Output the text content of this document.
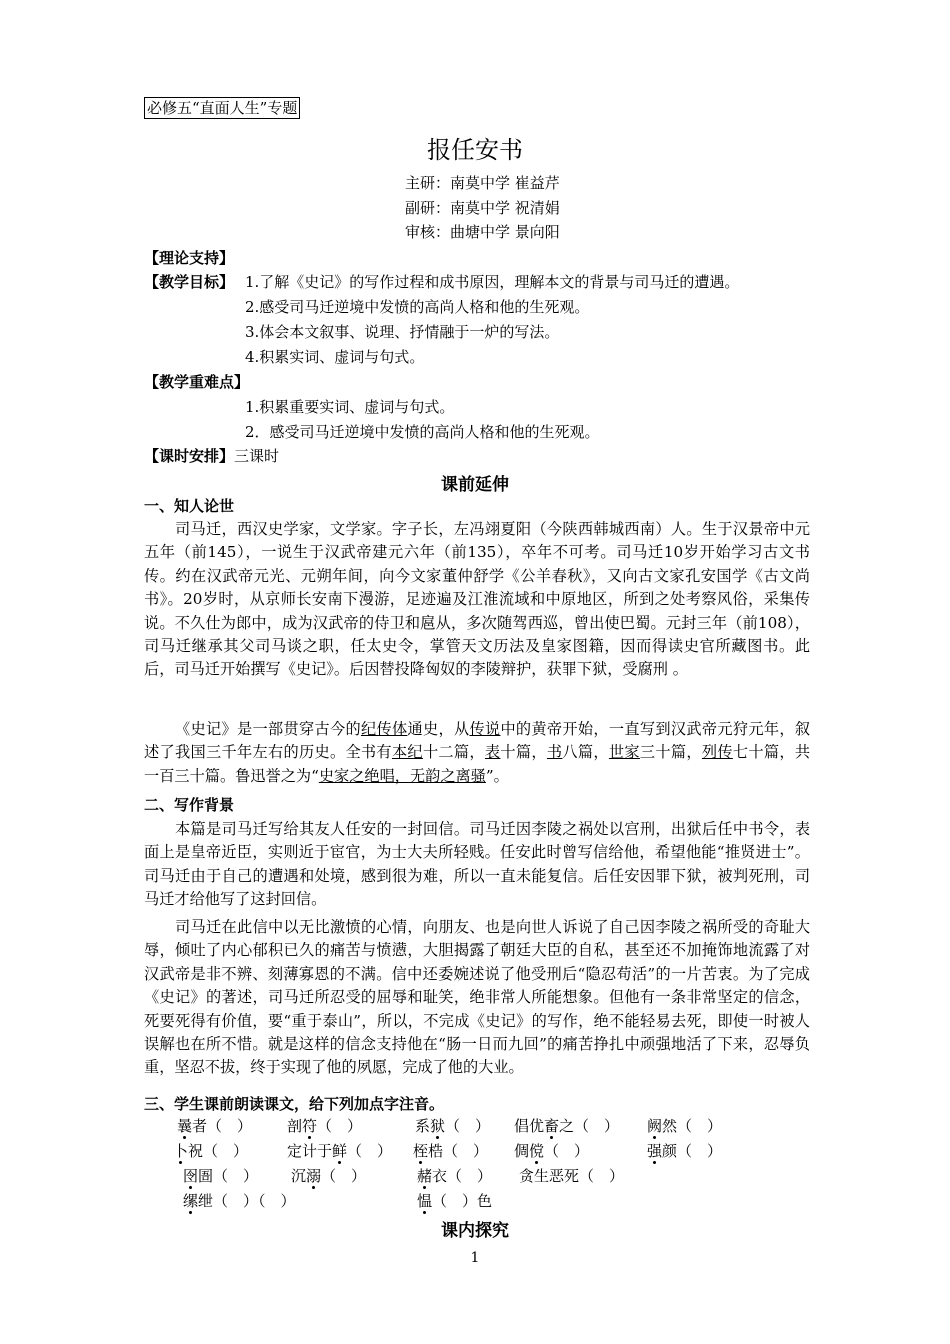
必修五“直面人生”专题
报任安书
主研：南莫中学 崔益芹
副研：南莫中学 祝清娟
审核：曲塘中学 景向阳
【理论支持】
【教学目标】 1.了解《史记》的写作过程和成书原因，理解本文的背景与司马迁的遭遇。
2.感受司马迁逆境中发愤的高尚人格和他的生死观。
3.体会本文叙事、说理、抒情融于一炉的写法。
4.积累实词、虚词与句式。
【教学重难点】
1.积累重要实词、虚词与句式。
2．感受司马迁逆境中发愤的高尚人格和他的生死观。
【课时安排】三课时
课前延伸
一、知人论世
司马迁，西汉史学家，文学家。字子长，左冯翊夏阳（今陕西韩城西南）人。生于汉景帝中元五年（前145），一说生于汉武帝建元六年（前135），卒年不可考。司马迁10岁开始学习古文书传。约在汉武帝元光、元朔年间，向今文家董仲舒学《公羊春秋》，又向古文家孔安国学《古文尚书》。20岁时，从京师长安南下漫游，足迹遍及江淮流域和中原地区，所到之处考察风俗，采集传说。不久仕为郎中，成为汉武帝的侍卫和扈从，多次随驾西巡，曾出使巴蜀。元封三年（前108），司马迁继承其父司马谈之职，任太史令，掌管天文历法及皇家图籍，因而得读史官所藏图书。此后，司马迁开始撰写《史记》。后因替投降匈奴的李陵辩护，获罪下狱，受腐刑 。
《史记》是一部贯穿古今的纪传体通史，从传说中的黄帝开始，一直写到汉武帝元狩元年，叙述了我国三千年左右的历史。全书有本纪十二篇，表十篇，书八篇，世家三十篇，列传七十篇，共一百三十篇。鲁迅誉之为“史家之绝唱，无韵之离骚”。
二、写作背景
本篇是司马迁写给其友人任安的一封回信。司马迁因李陵之祸处以宫刑，出狱后任中书令，表面上是皇帝近臣，实则近于宦官，为士大夫所轻贱。任安此时曾写信给他，希望他能“推贤进士”。司马迁由于自己的遭遇和处境，感到很为难，所以一直未能复信。后任安因罪下狱，被判死刑，司马迁才给他写了这封回信。
司马迁在此信中以无比激愤的心情，向朋友、也是向世人诉说了自己因李陵之祸所受的奇耻大辱，倾吐了内心郁积已久的痛苦与愤懑，大胆揭露了朝廷大臣的自私，甚至还不加掩饰地流露了对汉武帝是非不辨、刻薄寡恩的不满。信中还委婉述说了他受刑后“隐忍苟活”的一片苦衷。为了完成《史记》的著述，司马迁所忍受的屈辱和耻笑，绝非常人所能想象。但他有一条非常坚定的信念，死要死得有价值，要“重于泰山”，所以，不完成《史记》的写作，绝不能轻易去死，即使一时被人误解也在所不惜。就是这样的信念支持他在“肠一日而九回”的痛苦挣扎中顽强地活了下来，忍辱负重，坚忍不拔，终于实现了他的夙愿，完成了他的大业。
三、学生课前朗读课文，给下列加点字注音。
曩者（　） 剖符（　）	系狱（　） 倡优畜之（　） 阙然（　）
卜祝（　）	定计于鲜（　） 桎梏（　） 倜傥（　）	强颜（　）
囹圄（　） 沉溺（　）	赭衣（　） 贪生恶死（　）
缧绁（　）（　）	愠（　）色
课内探究
1
